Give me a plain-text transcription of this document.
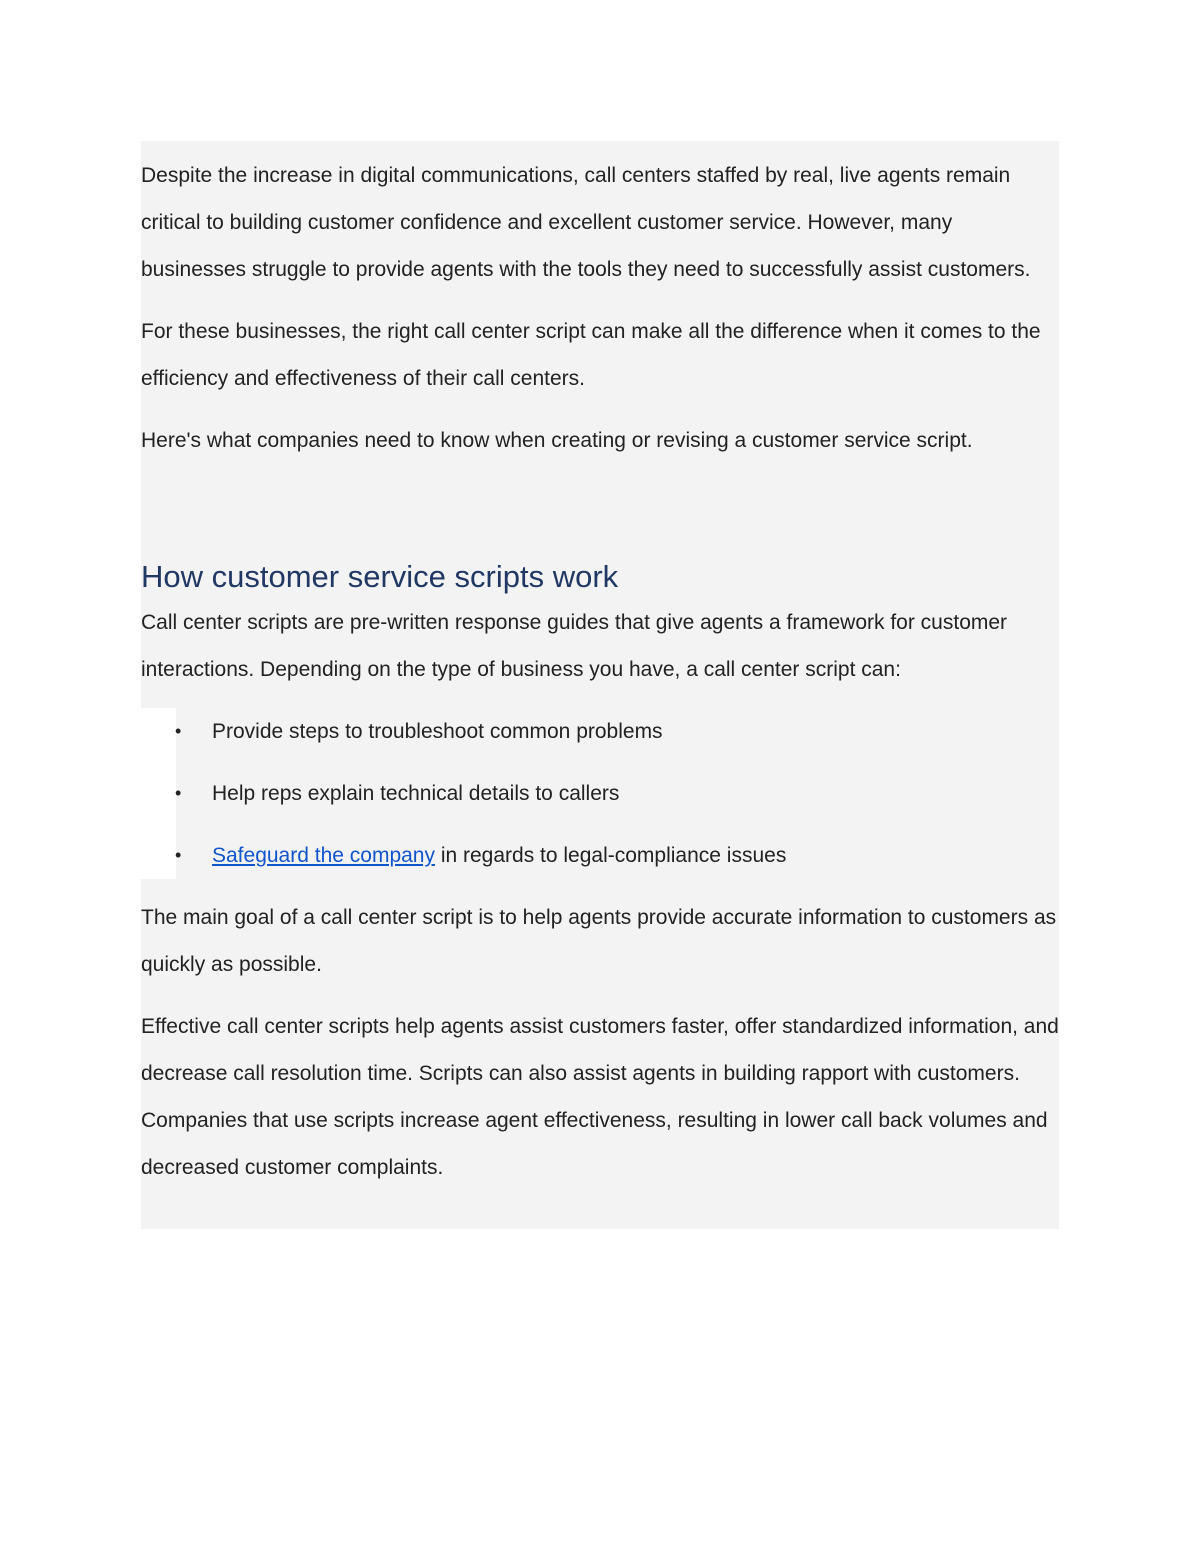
Despite the increase in digital communications, call centers staffed by real, live agents remain critical to building customer confidence and excellent customer service. However, many businesses struggle to provide agents with the tools they need to successfully assist customers.

For these businesses, the right call center script can make all the difference when it comes to the efficiency and effectiveness of their call centers.

Here's what companies need to know when creating or revising a customer service script.

How customer service scripts work

Call center scripts are pre-written response guides that give agents a framework for customer interactions. Depending on the type of business you have, a call center script can:

• Provide steps to troubleshoot common problems
• Help reps explain technical details to callers
• Safeguard the company in regards to legal-compliance issues

The main goal of a call center script is to help agents provide accurate information to customers as quickly as possible.

Effective call center scripts help agents assist customers faster, offer standardized information, and decrease call resolution time. Scripts can also assist agents in building rapport with customers. Companies that use scripts increase agent effectiveness, resulting in lower call back volumes and decreased customer complaints.
